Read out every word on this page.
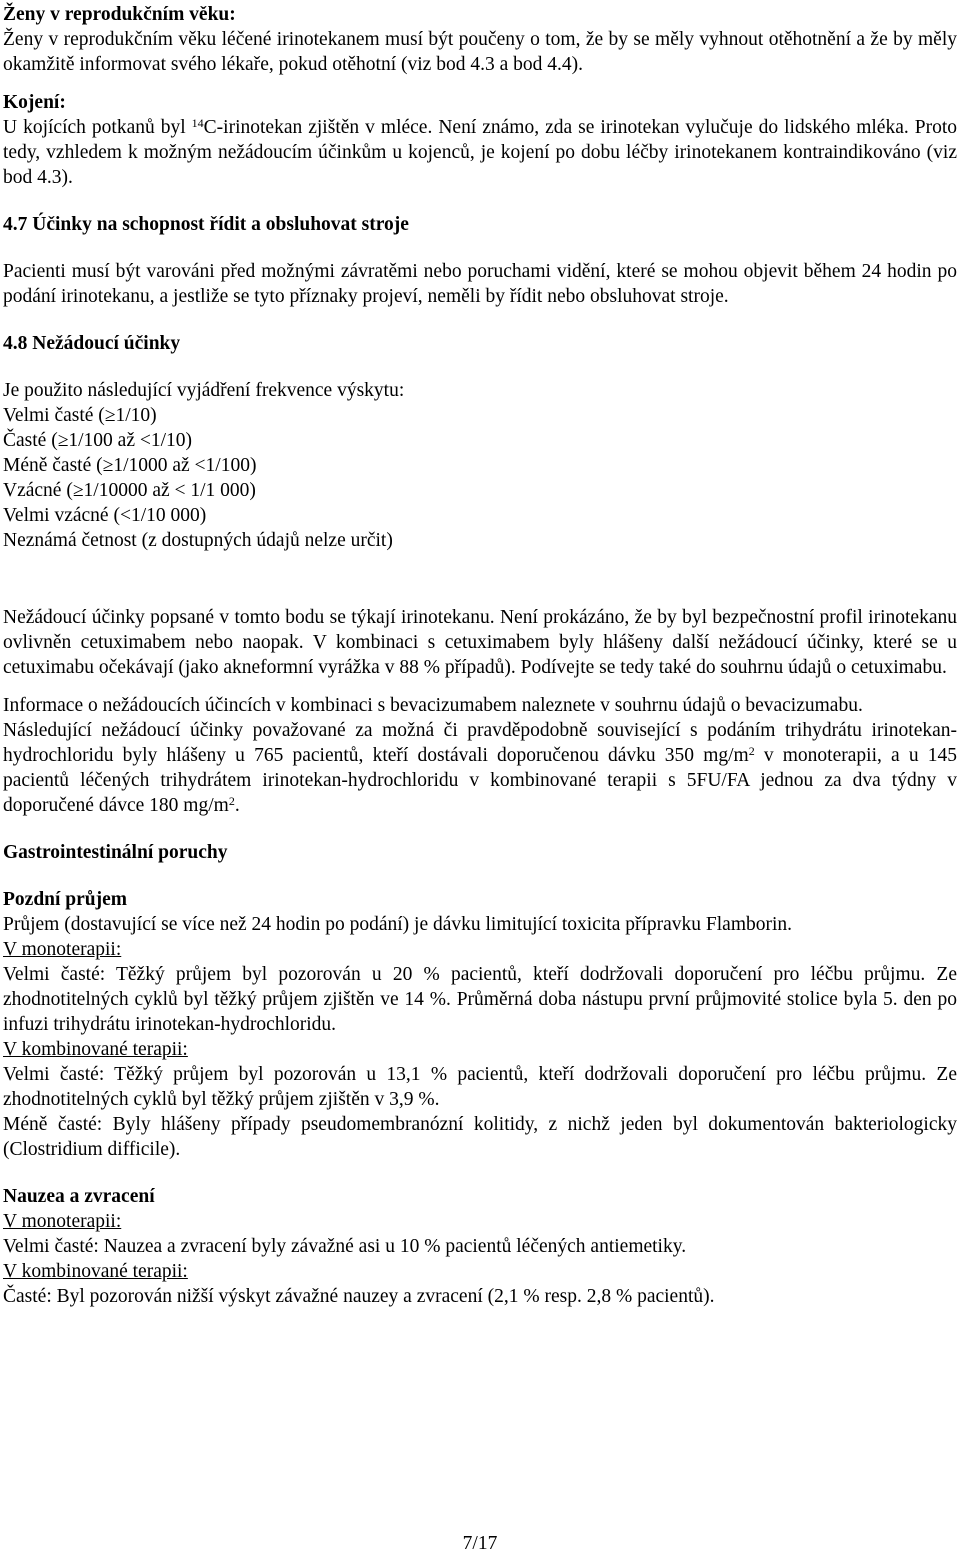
Ženy v reprodukčním věku:

Ženy v reprodukčním věku léčené irinotekanem musí být poučeny o tom, že by se měly vyhnout otěhotnění a že by měly okamžitě informovat svého lékaře, pokud otěhotní (viz bod 4.3 a bod 4.4).

Kojení:

U kojících potkanů byl $^{14}$C-irinotekan zjištěn v mléce. Není známo, zda se irinotekan vylučuje do lidského mléka. Proto tedy, vzhledem k možným nežádoucím účinkům u kojenců, je kojení po dobu léčby irinotekanem kontraindikováno (viz bod 4.3).

4.7 Účinky na schopnost řídit a obsluhovat stroje

Pacienti musí být varováni před možnými závratěmi nebo poruchami vidění, které se mohou objevit během 24 hodin po podání irinotekanu, a jestliže se tyto příznaky projeví, neměli by řídit nebo obsluhovat stroje.

4.8 Nežádoucí účinky

Je použito následující vyjádření frekvence výskytu:

Velmi časté (≥1/10)

Časté (≥1/100 až <1/10)

Méně časté (≥1/1000 až <1/100)

Vzácné (≥1/10000 až < 1/1 000)

Velmi vzácné (<1/10 000)

Neznámá četnost (z dostupných údajů nelze určit)

Nežádoucí účinky popsané v tomto bodu se týkají irinotekanu. Není prokázáno, že by byl bezpečnostní profil irinotekanu ovlivněn cetuximabem nebo naopak. V kombinaci s cetuximabem byly hlášeny další nežádoucí účinky, které se u cetuximabu očekávají (jako akneformní vyrážka v 88 % případů). Podívejte se tedy také do souhrnu údajů o cetuximabu.

Informace o nežádoucích účincích v kombinaci s bevacizumabem naleznete v souhrnu údajů o bevacizumabu.

Následující nežádoucí účinky považované za možná či pravděpodobně související s podáním trihydrátu irinotekan-hydrochloridu byly hlášeny u 765 pacientů, kteří dostávali doporučenou dávku 350 $mg/m^2$ v monoterapii, a u 145 pacientů léčených trihydrátem irinotekan-hydrochloridu v kombinované terapii s 5FU/FA jednou za dva týdny v doporučené dávce 180 $mg/m^2$.

Gastrointestinální poruchy

Pozdní průjem

Průjem (dostavující se více než 24 hodin po podání) je dávku limitující toxicita přípravku Flamborin.

V monoterapii:

Velmi časté: Těžký průjem byl pozorován u 20 % pacientů, kteří dodržovali doporučení pro léčbu průjmu. Ze zhodnotitelných cyklů byl těžký průjem zjištěn ve 14 %. Průměrná doba nástupu první průjmovité stolice byla 5. den po infuzi trihydrátu irinotekan-hydrochloridu.

V kombinované terapii:

Velmi časté: Těžký průjem byl pozorován u 13,1 % pacientů, kteří dodržovali doporučení pro léčbu průjmu. Ze zhodnotitelných cyklů byl těžký průjem zjištěn v 3,9 %.

Méně časté: Byly hlášeny případy pseudomembranózní kolitidy, z nichž jeden byl dokumentován bakteriologicky (Clostridium difficile).

Nauzea a zvracení

V monoterapii:

Velmi časté: Nauzea a zvracení byly závažné asi u 10 % pacientů léčených antiemetiky.

V kombinované terapii:

Časté: Byl pozorován nižší výskyt závažné nauzey a zvracení (2,1 % resp. 2,8 % pacientů).

7/17
